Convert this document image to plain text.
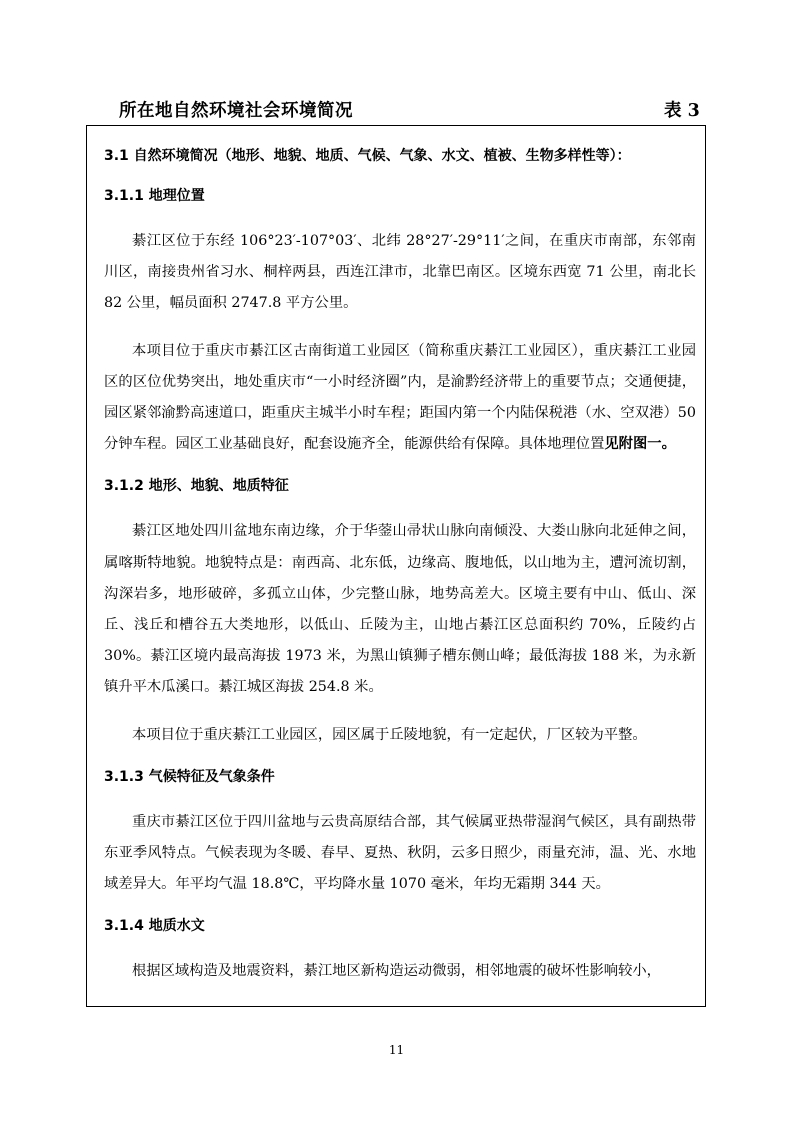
所在地自然环境社会环境简况	表 3
3.1 自然环境简况（地形、地貌、地质、气候、气象、水文、植被、生物多样性等）：
3.1.1 地理位置

綦江区位于东经 106°23′-107°03′、北纬 28°27′-29°11′之间，在重庆市南部，东邻南川区，南接贵州省习水、桐梓两县，西连江津市，北靠巴南区。区境东西宽 71 公里，南北长 82 公里，幅员面积 2747.8 平方公里。

本项目位于重庆市綦江区古南街道工业园区（简称重庆綦江工业园区），重庆綦江工业园区的区位优势突出，地处重庆市“一小时经济圈”内，是渝黔经济带上的重要节点；交通便捷，园区紧邻渝黔高速道口，距重庆主城半小时车程；距国内第一个内陆保税港（水、空双港）50 分钟车程。园区工业基础良好，配套设施齐全，能源供给有保障。具体地理位置见附图一。

3.1.2 地形、地貌、地质特征

綦江区地处四川盆地东南边缘，介于华蓥山帚状山脉向南倾没、大娄山脉向北延伸之间，属喀斯特地貌。地貌特点是：南西高、北东低，边缘高、腹地低，以山地为主，遭河流切割，沟深岩多，地形破碎，多孤立山体，少完整山脉，地势高差大。区境主要有中山、低山、深丘、浅丘和槽谷五大类地形，以低山、丘陵为主，山地占綦江区总面积约 70%，丘陵约占 30%。綦江区境内最高海拔 1973 米，为黑山镇狮子槽东侧山峰；最低海拔 188 米，为永新镇升平木瓜溪口。綦江城区海拔 254.8 米。

本项目位于重庆綦江工业园区，园区属于丘陵地貌，有一定起伏，厂区较为平整。

3.1.3 气候特征及气象条件

重庆市綦江区位于四川盆地与云贵高原结合部，其气候属亚热带湿润气候区，具有副热带东亚季风特点。气候表现为冬暖、春早、夏热、秋阴，云多日照少，雨量充沛，温、光、水地域差异大。年平均气温 18.8℃，平均降水量 1070 毫米，年均无霜期 344 天。

3.1.4 地质水文

根据区域构造及地震资料，綦江地区新构造运动微弱，相邻地震的破坏性影响较小，

11
